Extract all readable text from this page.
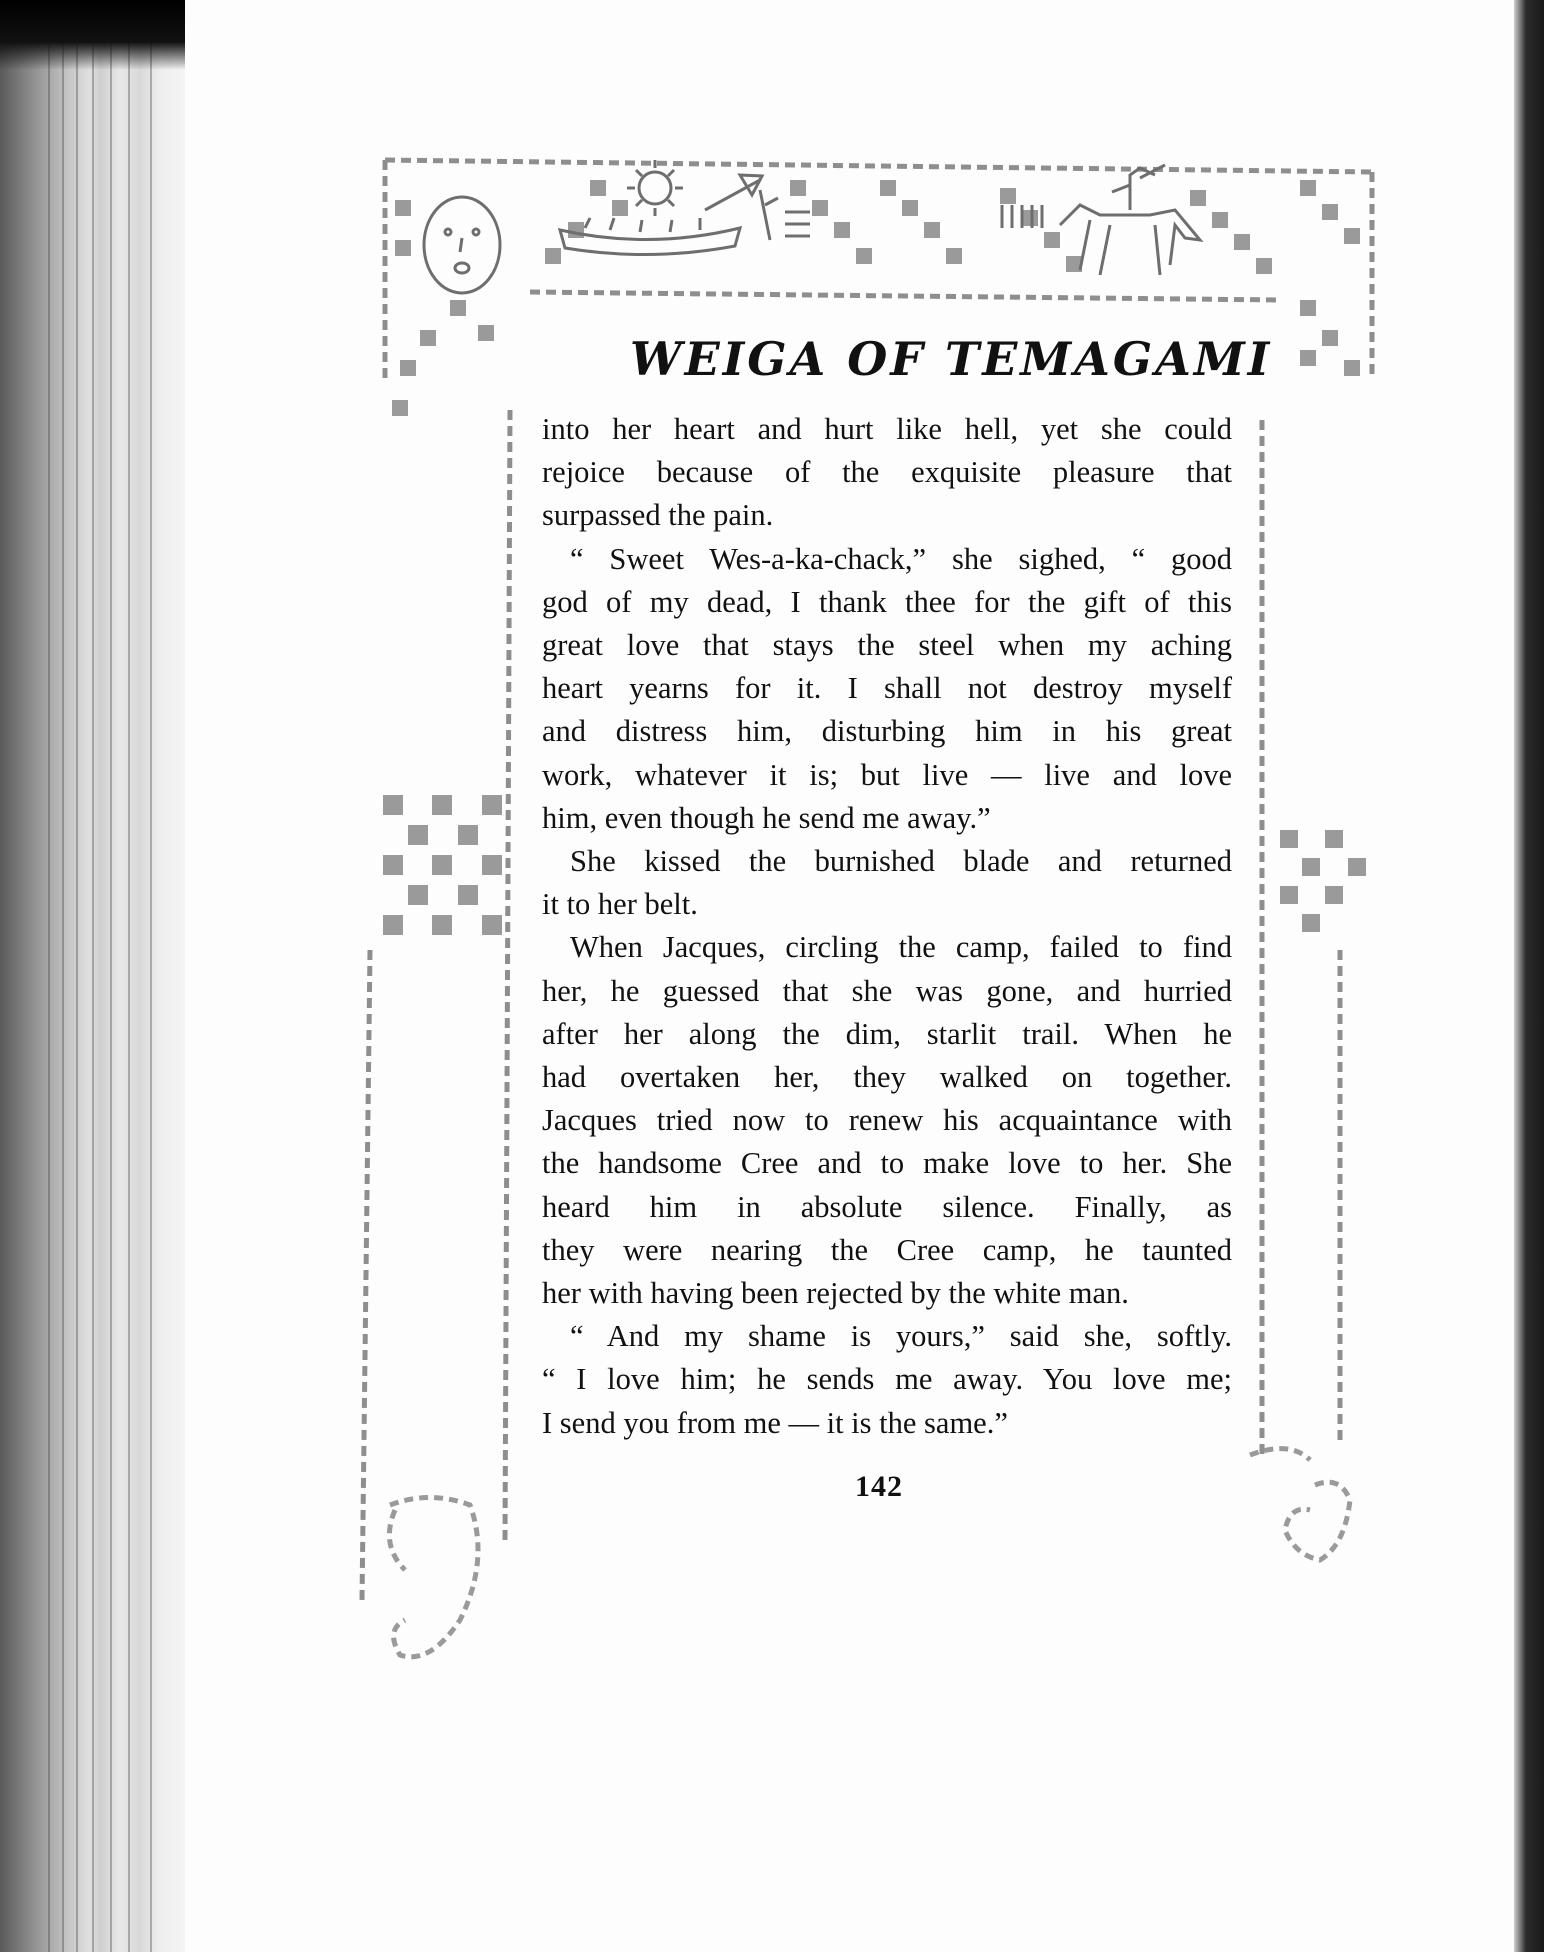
WEIGA OF TEMAGAMI

into her heart and hurt like hell, yet she could

rejoice because of the exquisite pleasure that

surpassed the pain.

“ Sweet Wes-a-ka-chack,” she sighed, “ good

god of my dead, I thank thee for the gift of this

great love that stays the steel when my aching

heart yearns for it. I shall not destroy myself

and distress him, disturbing him in his great

work, whatever it is; but live — live and love

him, even though he send me away.”

She kissed the burnished blade and returned

it to her belt.

When Jacques, circling the camp, failed to find

her, he guessed that she was gone, and hurried

after her along the dim, starlit trail. When he

had overtaken her, they walked on together.

Jacques tried now to renew his acquaintance with

the handsome Cree and to make love to her. She

heard him in absolute silence. Finally, as

they were nearing the Cree camp, he taunted

her with having been rejected by the white man.

“ And my shame is yours,” said she, softly.

“ I love him; he sends me away. You love me;

I send you from me — it is the same.”

142
